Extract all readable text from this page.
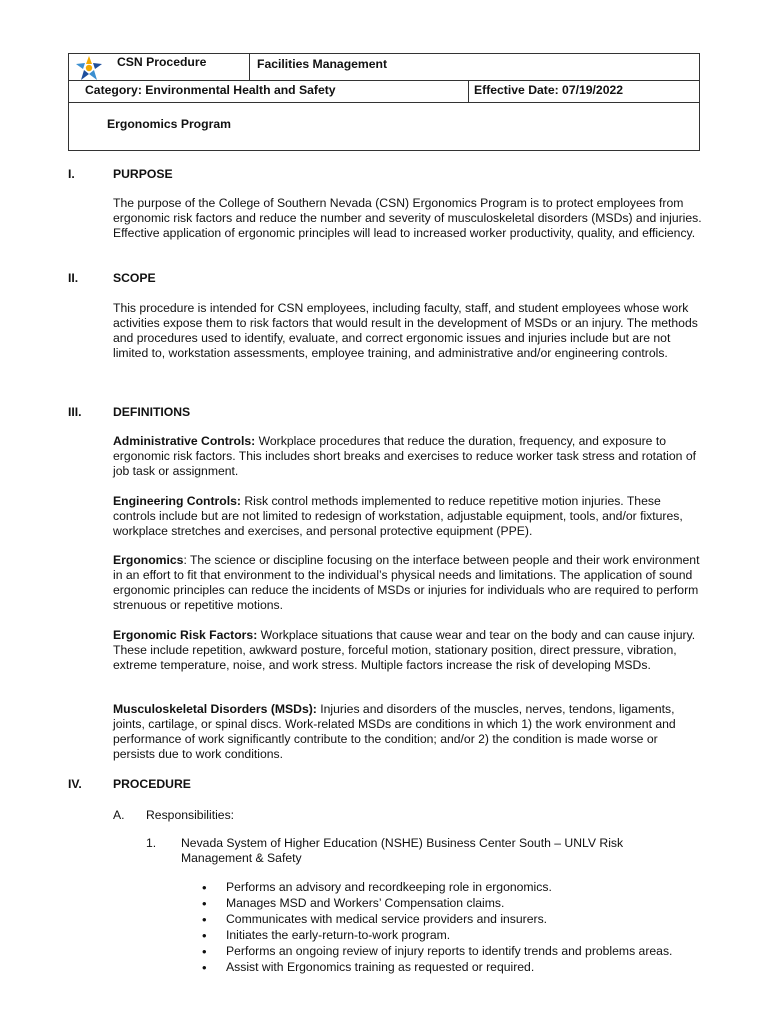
CSN Procedure	Facilities Management
Category: Environmental Health and Safety	Effective Date: 07/19/2022
Ergonomics Program
I.	PURPOSE

The purpose of the College of Southern Nevada (CSN) Ergonomics Program is to protect employees from ergonomic risk factors and reduce the number and severity of musculoskeletal disorders (MSDs) and injuries. Effective application of ergonomic principles will lead to increased worker productivity, quality, and efficiency.

II.	SCOPE

This procedure is intended for CSN employees, including faculty, staff, and student employees whose work activities expose them to risk factors that would result in the development of MSDs or an injury. The methods and procedures used to identify, evaluate, and correct ergonomic issues and injuries include but are not limited to, workstation assessments, employee training, and administrative and/or engineering controls.

III.	DEFINITIONS

Administrative Controls: Workplace procedures that reduce the duration, frequency, and exposure to ergonomic risk factors. This includes short breaks and exercises to reduce worker task stress and rotation of job task or assignment.

Engineering Controls: Risk control methods implemented to reduce repetitive motion injuries. These controls include but are not limited to redesign of workstation, adjustable equipment, tools, and/or fixtures, workplace stretches and exercises, and personal protective equipment (PPE).

Ergonomics: The science or discipline focusing on the interface between people and their work environment in an effort to fit that environment to the individual’s physical needs and limitations. The application of sound ergonomic principles can reduce the incidents of MSDs or injuries for individuals who are required to perform strenuous or repetitive motions.

Ergonomic Risk Factors: Workplace situations that cause wear and tear on the body and can cause injury. These include repetition, awkward posture, forceful motion, stationary position, direct pressure, vibration, extreme temperature, noise, and work stress. Multiple factors increase the risk of developing MSDs.

Musculoskeletal Disorders (MSDs): Injuries and disorders of the muscles, nerves, tendons, ligaments, joints, cartilage, or spinal discs. Work-related MSDs are conditions in which 1) the work environment and performance of work significantly contribute to the condition; and/or 2) the condition is made worse or persists due to work conditions.

IV.	PROCEDURE
A. Responsibilities:
1. Nevada System of Higher Education (NSHE) Business Center South – UNLV Risk Management & Safety
• Performs an advisory and recordkeeping role in ergonomics.
• Manages MSD and Workers’ Compensation claims.
• Communicates with medical service providers and insurers.
• Initiates the early-return-to-work program.
• Performs an ongoing review of injury reports to identify trends and problems areas.
• Assist with Ergonomics training as requested or required.
